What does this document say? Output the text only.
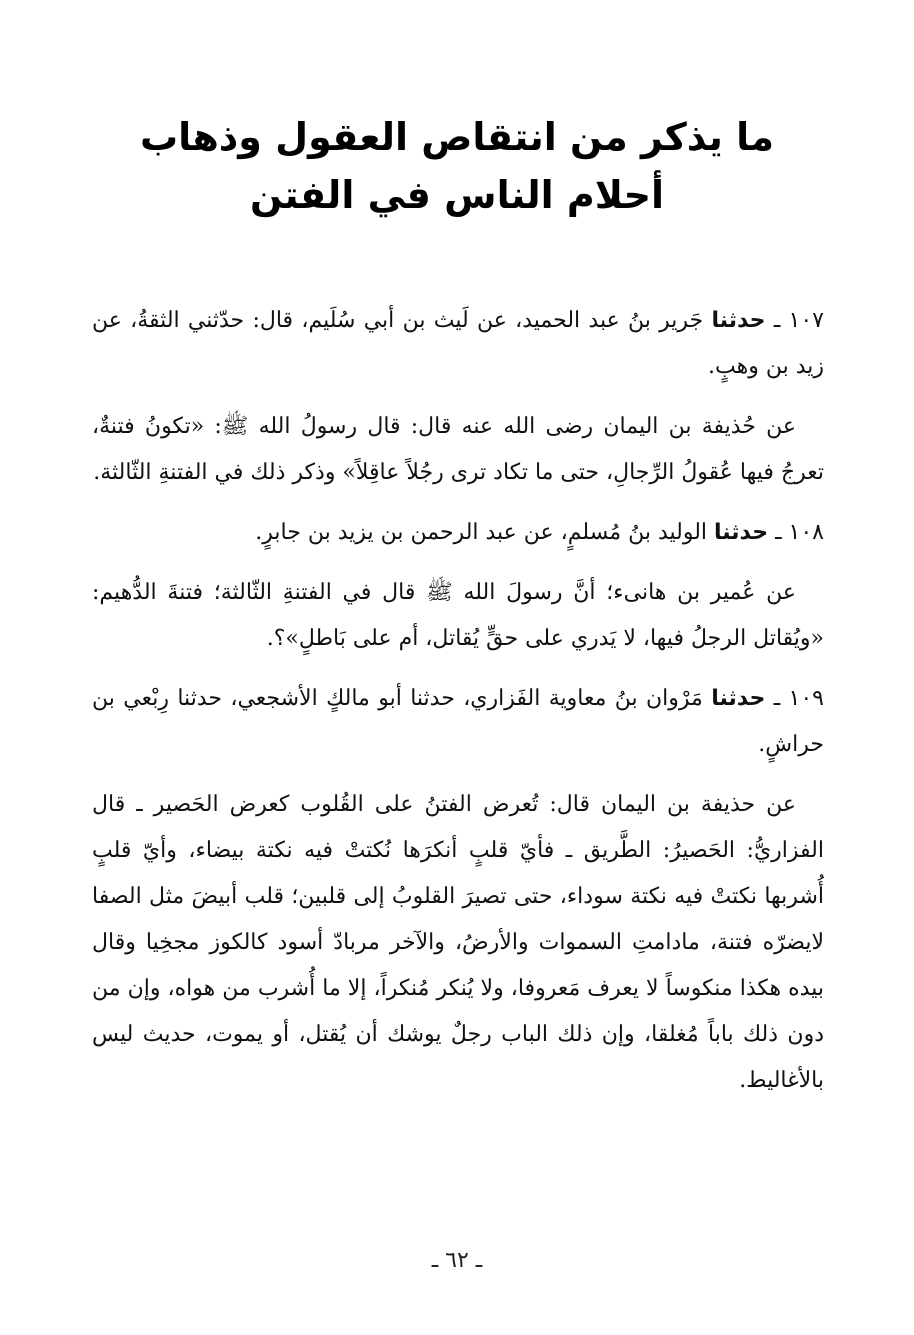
ما يذكر من انتقاص العقول وذهاب
أحلام الناس في الفتن

١٠٧ ـ حدثنا جَرير بنُ عبد الحميد، عن لَيث بن أبي سُلَيم، قال: حدّثني الثقةُ، عن زيد بن وهبٍ.

عن حُذيفة بن اليمان رضى الله عنه قال: قال رسولُ الله ﷺ: «تكونُ فتنةٌ، تعرجُ فيها عُقولُ الرِّجالِ، حتى ما تكاد ترى رجُلاً عاقِلاً» وذكر ذلك في الفتنةِ الثّالثة.

١٠٨ ـ حدثنا الوليد بنُ مُسلمٍ، عن عبد الرحمن بن يزيد بن جابرٍ.

عن عُمير بن هانىء؛ أنَّ رسولَ الله ﷺ قال في الفتنةِ الثّالثة؛ فتنةَ الدُّهيم: «ويُقاتل الرجلُ فيها، لا يَدري على حقٍّ يُقاتل، أم على بَاطلٍ»؟.

١٠٩ ـ حدثنا مَرْوان بنُ معاوية الفَزاري، حدثنا أبو مالكٍ الأشجعي، حدثنا رِبْعي بن حراشٍ.

عن حذيفة بن اليمان قال: تُعرض الفتنُ على القُلوب كعرض الحَصير ـ قال الفزاريُّ: الحَصيرُ: الطَّريق ـ فأيّ قلبٍ أنكرَها نُكتتْ فيه نكتة بيضاء، وأيّ قلبٍ أُشربها نكتتْ فيه نكتة سوداء، حتى تصيرَ القلوبُ إلى قلبين؛ قلب أبيضَ مثل الصفا لايضرّه فتنة، مادامتِ السموات والأرضُ، والآخر مربادّ أسود كالكوز مجخِيا وقال بيده هكذا منكوساً لا يعرف مَعروفا، ولا يُنكر مُنكراً، إلا ما أُشرب من هواه، وإن من دون ذلك باباً مُغلقا، وإن ذلك الباب رجلٌ يوشك أن يُقتل، أو يموت، حديث ليس بالأغاليط.

ـ ٦٢ ـ
